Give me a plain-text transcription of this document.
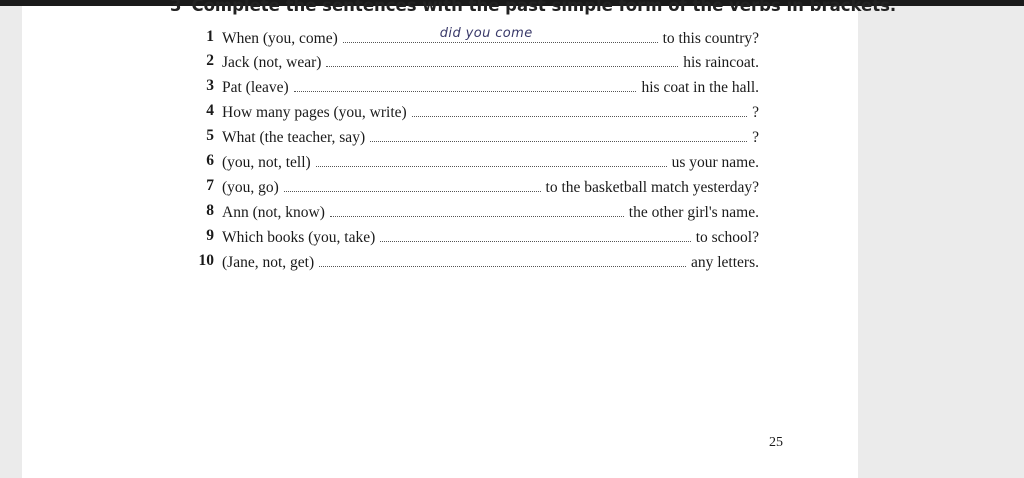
3 Complete the sentences with the past simple form of the verbs in brackets.
1 When (you, come)	did you come	to this country?
2 Jack (not, wear)	his raincoat.
3 Pat (leave)	his coat in the hall.
4 How many pages (you, write)	?
5 What (the teacher, say)	?
6 (you, not, tell)	us your name.
7 (you, go)	to the basketball match yesterday?
8 Ann (not, know)	the other girl's name.
9 Which books (you, take)	to school?
10 (Jane, not, get)	any letters.
25
